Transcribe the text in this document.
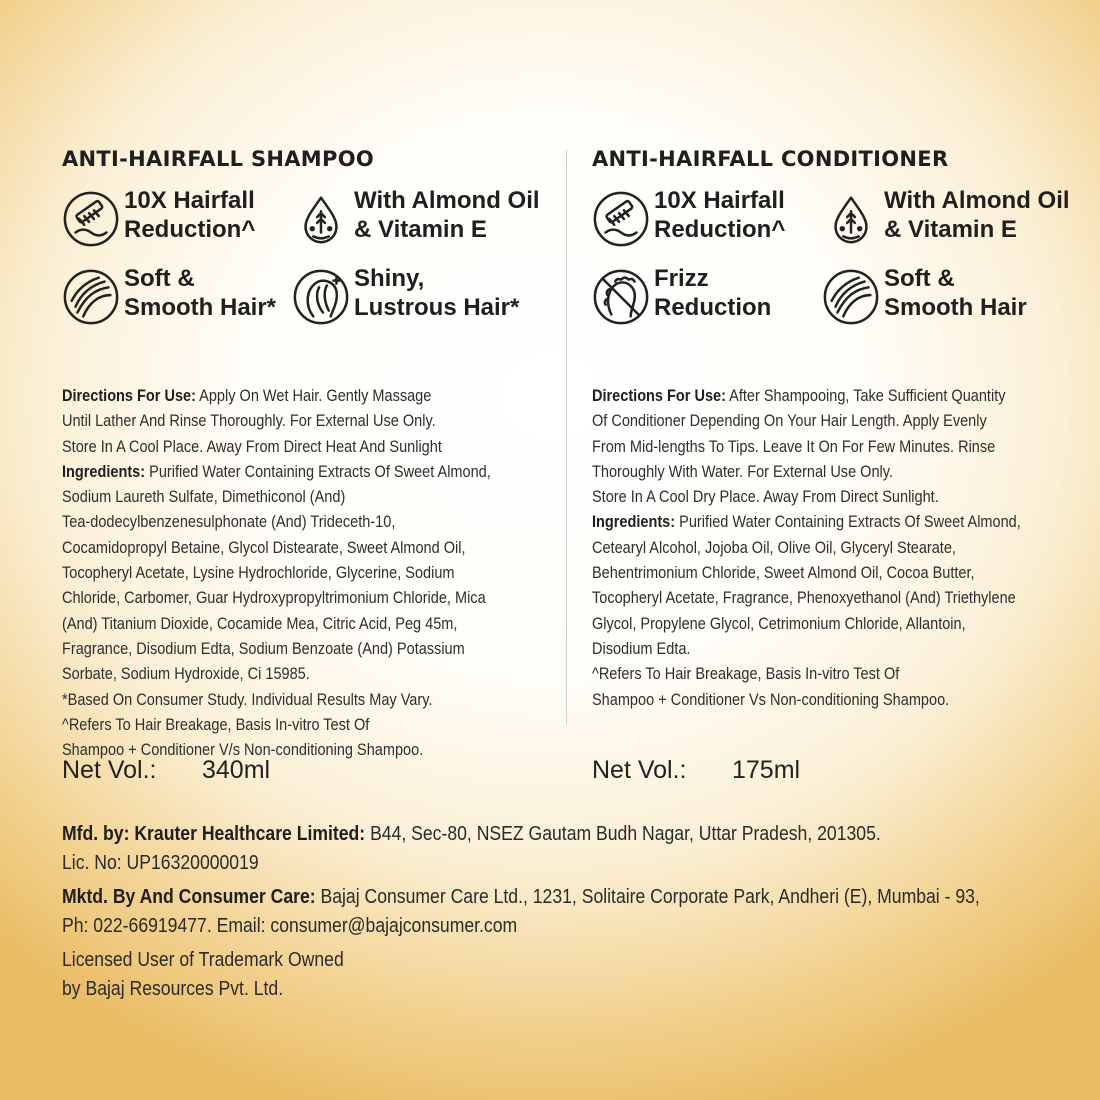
ANTI-HAIRFALL SHAMPOO
10X Hairfall
Reduction^
With Almond Oil
& Vitamin E
Soft &
Smooth Hair*
Shiny,
Lustrous Hair*
Directions For Use: Apply On Wet Hair. Gently Massage
Until Lather And Rinse Thoroughly. For External Use Only.
Store In A Cool Place. Away From Direct Heat And Sunlight
Ingredients: Purified Water Containing Extracts Of Sweet Almond,
Sodium Laureth Sulfate, Dimethiconol (And)
Tea-dodecylbenzenesulphonate (And) Trideceth-10,
Cocamidopropyl Betaine, Glycol Distearate, Sweet Almond Oil,
Tocopheryl Acetate, Lysine Hydrochloride, Glycerine, Sodium
Chloride, Carbomer, Guar Hydroxypropyltrimonium Chloride, Mica
(And) Titanium Dioxide, Cocamide Mea, Citric Acid, Peg 45m,
Fragrance, Disodium Edta, Sodium Benzoate (And) Potassium
Sorbate, Sodium Hydroxide, Ci 15985.
*Based On Consumer Study. Individual Results May Vary.
^Refers To Hair Breakage, Basis In-vitro Test Of
Shampoo + Conditioner V/s Non-conditioning Shampoo.
ANTI-HAIRFALL CONDITIONER
10X Hairfall
Reduction^
With Almond Oil
& Vitamin E
Frizz
Reduction
Soft &
Smooth Hair
Directions For Use: After Shampooing, Take Sufficient Quantity
Of Conditioner Depending On Your Hair Length. Apply Evenly
From Mid-lengths To Tips. Leave It On For Few Minutes. Rinse
Thoroughly With Water. For External Use Only.
Store In A Cool Dry Place. Away From Direct Sunlight.
Ingredients: Purified Water Containing Extracts Of Sweet Almond,
Cetearyl Alcohol, Jojoba Oil, Olive Oil, Glyceryl Stearate,
Behentrimonium Chloride, Sweet Almond Oil, Cocoa Butter,
Tocopheryl Acetate, Fragrance, Phenoxyethanol (And) Triethylene
Glycol, Propylene Glycol, Cetrimonium Chloride, Allantoin,
Disodium Edta.
^Refers To Hair Breakage, Basis In-vitro Test Of
Shampoo + Conditioner Vs Non-conditioning Shampoo.
Net Vol.: 340ml	Net Vol.: 175ml
Mfd. by: Krauter Healthcare Limited: B44, Sec-80, NSEZ Gautam Budh Nagar, Uttar Pradesh, 201305.
Lic. No: UP16320000019
Mktd. By And Consumer Care: Bajaj Consumer Care Ltd., 1231, Solitaire Corporate Park, Andheri (E), Mumbai - 93,
Ph: 022-66919477. Email: consumer@bajajconsumer.com
Licensed User of Trademark Owned
by Bajaj Resources Pvt. Ltd.
